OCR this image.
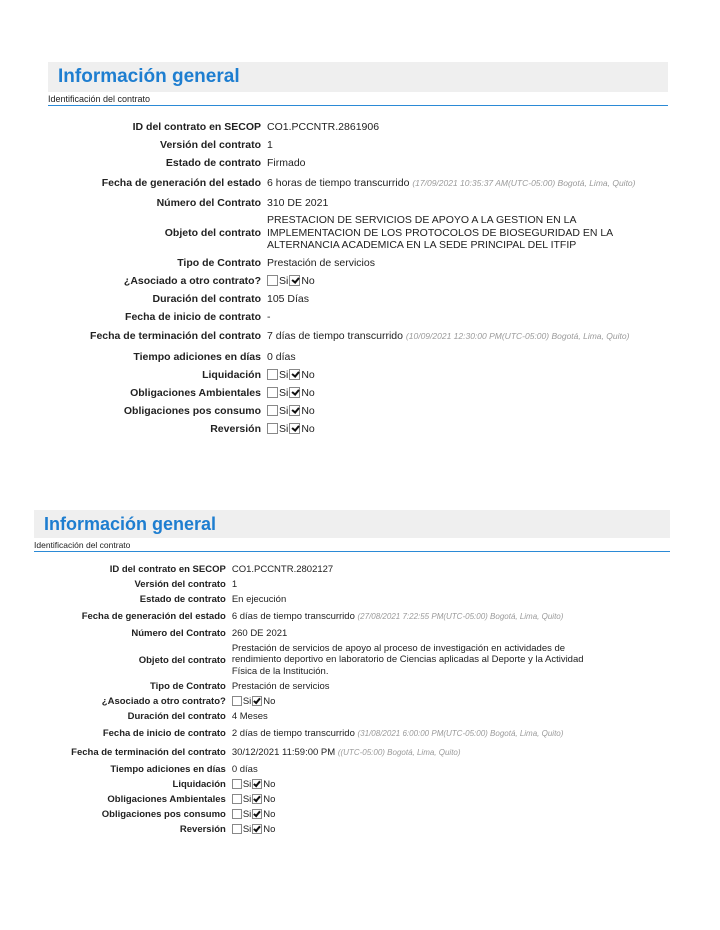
Información general
Identificación del contrato
ID del contrato en SECOP	CO1.PCCNTR.2861906
Versión del contrato	1
Estado de contrato	Firmado
Fecha de generación del estado	6 horas de tiempo transcurrido (17/09/2021 10:35:37 AM(UTC-05:00) Bogotá, Lima, Quito)
Número del Contrato	310 DE 2021
Objeto del contrato	PRESTACION DE SERVICIOS DE APOYO A LA GESTION EN LA IMPLEMENTACION DE LOS PROTOCOLOS DE BIOSEGURIDAD EN LA ALTERNANCIA ACADEMICA EN LA SEDE PRINCIPAL DEL ITFIP
Tipo de Contrato	Prestación de servicios
¿Asociado a otro contrato?	Si No
Duración del contrato	105 Días
Fecha de inicio de contrato	-
Fecha de terminación del contrato	7 días de tiempo transcurrido (10/09/2021 12:30:00 PM(UTC-05:00) Bogotá, Lima, Quito)
Tiempo adiciones en días	0 días
Liquidación	Si No
Obligaciones Ambientales	Si No
Obligaciones pos consumo	Si No
Reversión	Si No
Información general
Identificación del contrato
ID del contrato en SECOP	CO1.PCCNTR.2802127
Versión del contrato	1
Estado de contrato	En ejecución
Fecha de generación del estado	6 días de tiempo transcurrido (27/08/2021 7:22:55 PM(UTC-05:00) Bogotá, Lima, Quito)
Número del Contrato	260 DE 2021
Objeto del contrato	Prestación de servicios de apoyo al proceso de investigación en actividades de rendimiento deportivo en laboratorio de Ciencias aplicadas al Deporte y la Actividad Física de la Institución.
Tipo de Contrato	Prestación de servicios
¿Asociado a otro contrato?	Si No
Duración del contrato	4 Meses
Fecha de inicio de contrato	2 días de tiempo transcurrido (31/08/2021 6:00:00 PM(UTC-05:00) Bogotá, Lima, Quito)
Fecha de terminación del contrato	30/12/2021 11:59:00 PM ((UTC-05:00) Bogotá, Lima, Quito)
Tiempo adiciones en días	0 días
Liquidación	Si No
Obligaciones Ambientales	Si No
Obligaciones pos consumo	Si No
Reversión	Si No
